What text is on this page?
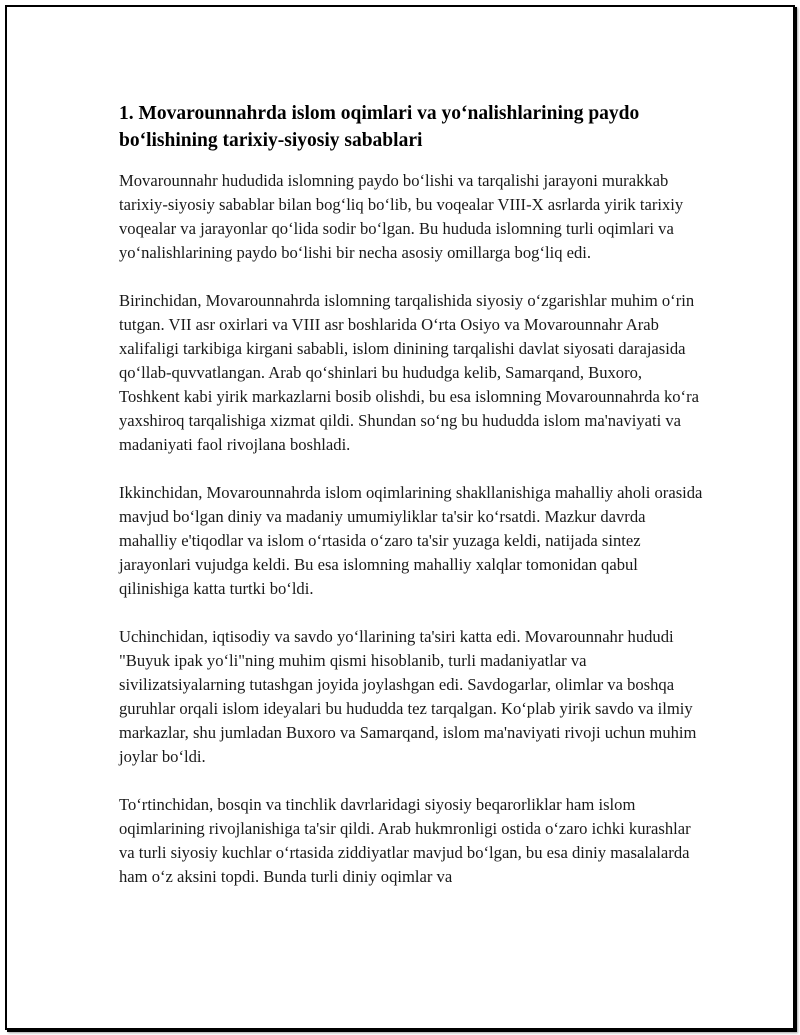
1. Movarounnahrda islom oqimlari va yo‘nalishlarining paydo bo‘lishining tarixiy-siyosiy sabablari

Movarounnahr hududida islomning paydo bo‘lishi va tarqalishi jarayoni murakkab tarixiy-siyosiy sabablar bilan bog‘liq bo‘lib, bu voqealar VIII-X asrlarda yirik tarixiy voqealar va jarayonlar qo‘lida sodir bo‘lgan. Bu hududa islomning turli oqimlari va yo‘nalishlarining paydo bo‘lishi bir necha asosiy omillarga bog‘liq edi.

Birinchidan, Movarounnahrda islomning tarqalishida siyosiy o‘zgarishlar muhim o‘rin tutgan. VII asr oxirlari va VIII asr boshlarida O‘rta Osiyo va Movarounnahr Arab xalifaligi tarkibiga kirgani sababli, islom dinining tarqalishi davlat siyosati darajasida qo‘llab-quvvatlangan. Arab qo‘shinlari bu hududga kelib, Samarqand, Buxoro, Toshkent kabi yirik markazlarni bosib olishdi, bu esa islomning Movarounnahrda ko‘ra yaxshiroq tarqalishiga xizmat qildi. Shundan so‘ng bu hududda islom ma'naviyati va madaniyati faol rivojlana boshladi.

Ikkinchidan, Movarounnahrda islom oqimlarining shakllanishiga mahalliy aholi orasida mavjud bo‘lgan diniy va madaniy umumiyliklar ta'sir ko‘rsatdi. Mazkur davrda mahalliy e'tiqodlar va islom o‘rtasida o‘zaro ta'sir yuzaga keldi, natijada sintez jarayonlari vujudga keldi. Bu esa islomning mahalliy xalqlar tomonidan qabul qilinishiga katta turtki bo‘ldi.

Uchinchidan, iqtisodiy va savdo yo‘llarining ta'siri katta edi. Movarounnahr hududi "Buyuk ipak yo‘li"ning muhim qismi hisoblanib, turli madaniyatlar va sivilizatsiyalarning tutashgan joyida joylashgan edi. Savdogarlar, olimlar va boshqa guruhlar orqali islom ideyalari bu hududda tez tarqalgan. Ko‘plab yirik savdo va ilmiy markazlar, shu jumladan Buxoro va Samarqand, islom ma'naviyati rivoji uchun muhim joylar bo‘ldi.

To‘rtinchidan, bosqin va tinchlik davrlaridagi siyosiy beqarorliklar ham islom oqimlarining rivojlanishiga ta'sir qildi. Arab hukmronligi ostida o‘zaro ichki kurashlar va turli siyosiy kuchlar o‘rtasida ziddiyatlar mavjud bo‘lgan, bu esa diniy masalalarda ham o‘z aksini topdi. Bunda turli diniy oqimlar va
